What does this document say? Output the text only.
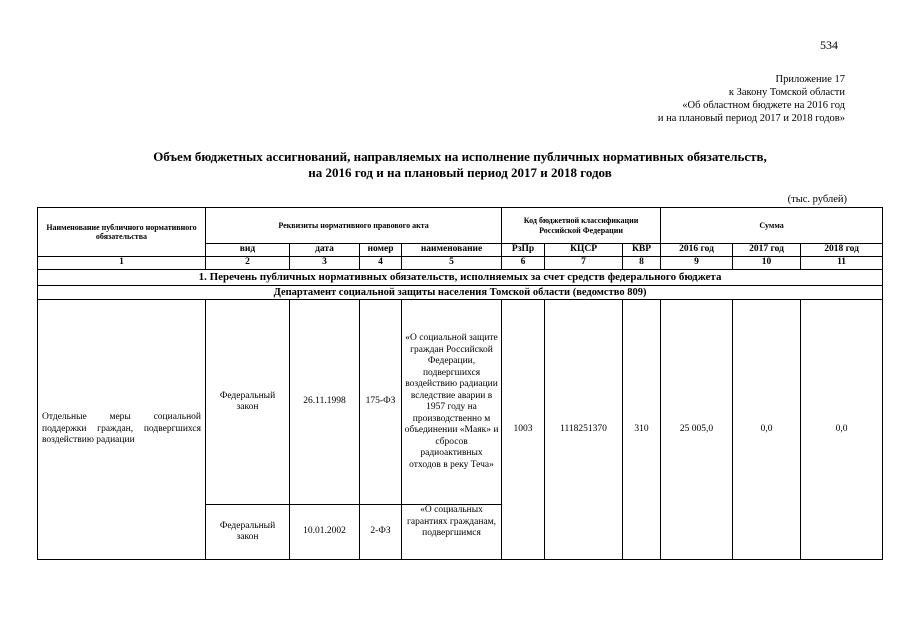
534
Приложение 17
к Закону Томской области
«Об областном бюджете на 2016 год
и на плановый период 2017 и 2018 годов»
Объем бюджетных ассигнований, направляемых на исполнение публичных нормативных обязательств,
на 2016 год и на плановый период 2017 и 2018 годов
(тыс. рублей)
Наименование публичного нормативного обязательства	Реквизиты нормативного правового акта				Код бюджетной классификации Российской Федерации			Сумма		
	вид	дата	номер	наименование	РзПр	КЦСР	КВР	2016 год	2017 год	2018 год
1	2	3	4	5	6	7	8	9	10	11
1. Перечень публичных нормативных обязательств, исполняемых за счет средств федерального бюджета										
Департамент социальной защиты населения Томской области (ведомство 809)										
Отдельные меры социальной поддержки граждан, подвергшихся воздействию радиации	Федеральный закон	26.11.1998	175-ФЗ	«О социальной защите граждан Российской Федерации, подвергшихся воздействию радиации вследствие аварии в 1957 году на производственно м объединении «Маяк» и сбросов радиоактивных отходов в реку Теча»	1003	1118251370	310	25 005,0	0,0	0,0
	Федеральный закон	10.01.2002	2-ФЗ	«О социальных гарантиях гражданам, подвергшимся						
